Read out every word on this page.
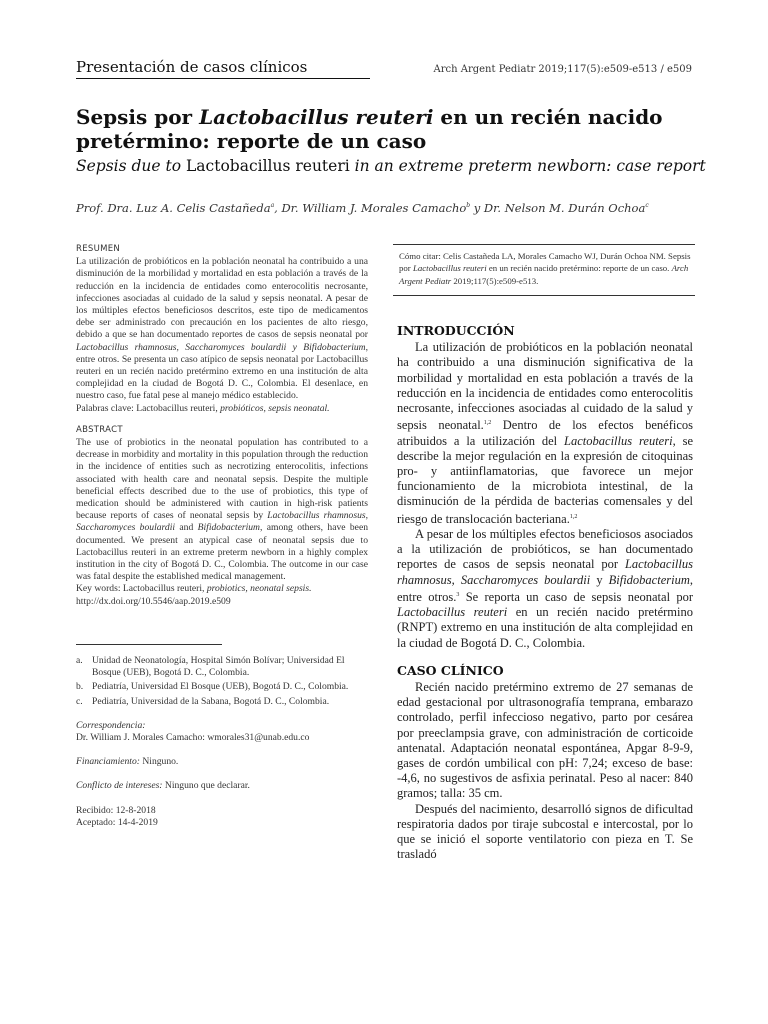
Presentación de casos clínicos	Arch Argent Pediatr 2019;117(5):e509-e513 / e509
Sepsis por Lactobacillus reuteri en un recién nacido
pretérmino: reporte de un caso
Sepsis due to Lactobacillus reuteri in an extreme preterm newborn: case report
Prof. Dra. Luz A. Celis Castañeda$^a$, Dr. William J. Morales Camacho$^b$ y Dr. Nelson M. Durán Ochoa$^c$
RESUMEN

La utilización de probióticos en la población neonatal ha contribuido a una disminución de la morbilidad y mortalidad en esta población a través de la reducción en la incidencia de entidades como enterocolitis necrosante, infecciones asociadas al cuidado de la salud y sepsis neonatal. A pesar de los múltiples efectos beneficiosos descritos, este tipo de medicamentos debe ser administrado con precaución en los pacientes de alto riesgo, debido a que se han documentado reportes de casos de sepsis neonatal por Lactobacillus rhamnosus, Saccharomyces boulardii y Bifidobacterium, entre otros. Se presenta un caso atípico de sepsis neonatal por Lactobacillus reuteri en un recién nacido pretérmino extremo en una institución de alta complejidad en la ciudad de Bogotá D. C., Colombia. El desenlace, en nuestro caso, fue fatal pese al manejo médico establecido.

Palabras clave: Lactobacillus reuteri, probióticos, sepsis neonatal.

ABSTRACT

The use of probiotics in the neonatal population has contributed to a decrease in morbidity and mortality in this population through the reduction in the incidence of entities such as necrotizing enterocolitis, infections associated with health care and neonatal sepsis. Despite the multiple beneficial effects described due to the use of probiotics, this type of medication should be administered with caution in high-risk patients because reports of cases of neonatal sepsis by Lactobacillus rhamnosus, Saccharomyces boulardii and Bifidobacterium, among others, have been documented. We present an atypical case of neonatal sepsis due to Lactobacillus reuteri in an extreme preterm newborn in a highly complex institution in the city of Bogotá D. C., Colombia. The outcome in our case was fatal despite the established medical management.

Key words: Lactobacillus reuteri, probiotics, neonatal sepsis.

http://dx.doi.org/10.5546/aap.2019.e509

a. Unidad de Neonatología, Hospital Simón Bolívar; Universidad El Bosque (UEB), Bogotá D. C., Colombia.
b. Pediatría, Universidad El Bosque (UEB), Bogotá D. C., Colombia.
c. Pediatría, Universidad de la Sabana, Bogotá D. C., Colombia.
Correspondencia:
Dr. William J. Morales Camacho: wmorales31@unab.edu.co
Financiamiento: Ninguno.
Conflicto de intereses: Ninguno que declarar.
Recibido: 12-8-2018
Aceptado: 14-4-2019
Cómo citar: Celis Castañeda LA, Morales Camacho WJ, Durán Ochoa NM. Sepsis por Lactobacillus reuteri en un recién nacido pretérmino: reporte de un caso. Arch Argent Pediatr 2019;117(5):e509-e513.
INTRODUCCIÓN

La utilización de probióticos en la población neonatal ha contribuido a una disminución significativa de la morbilidad y mortalidad en esta población a través de la reducción en la incidencia de entidades como enterocolitis necrosante, infecciones asociadas al cuidado de la salud y sepsis neonatal.$^{1,2}$ Dentro de los efectos benéficos atribuidos a la utilización del Lactobacillus reuteri, se describe la mejor regulación en la expresión de citoquinas pro- y antiinflamatorias, que favorece un mejor funcionamiento de la microbiota intestinal, de la disminución de la pérdida de bacterias comensales y del riesgo de translocación bacteriana.$^{1,2}$

A pesar de los múltiples efectos beneficiosos asociados a la utilización de probióticos, se han documentado reportes de casos de sepsis neonatal por Lactobacillus rhamnosus, Saccharomyces boulardii y Bifidobacterium, entre otros.$^3$ Se reporta un caso de sepsis neonatal por Lactobacillus reuteri en un recién nacido pretérmino (RNPT) extremo en una institución de alta complejidad en la ciudad de Bogotá D. C., Colombia.

CASO CLÍNICO

Recién nacido pretérmino extremo de 27 semanas de edad gestacional por ultrasonografía temprana, embarazo controlado, perfil infeccioso negativo, parto por cesárea por preeclampsia grave, con administración de corticoide antenatal. Adaptación neonatal espontánea, Apgar 8-9-9, gases de cordón umbilical con pH: 7,24; exceso de base: -4,6, no sugestivos de asfixia perinatal. Peso al nacer: 840 gramos; talla: 35 cm.

Después del nacimiento, desarrolló signos de dificultad respiratoria dados por tiraje subcostal e intercostal, por lo que se inició el soporte ventilatorio con pieza en T. Se trasladó
